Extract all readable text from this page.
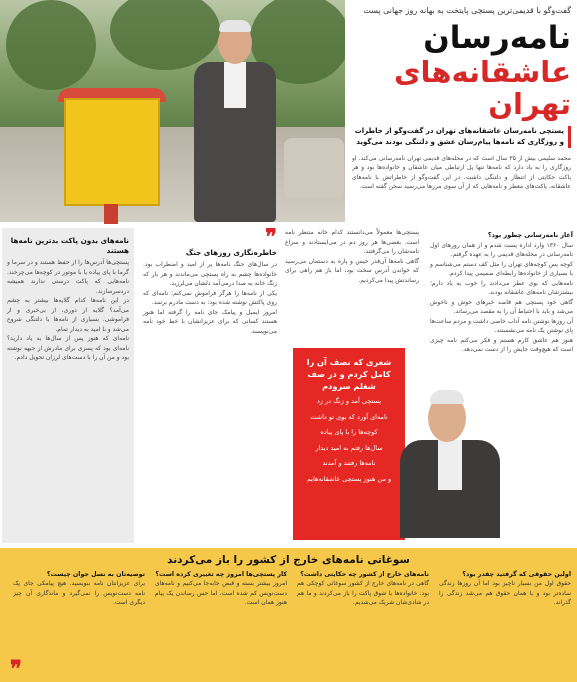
گفت‌وگو با قدیمی‌ترین پستچی پایتخت به بهانه روز جهانی پست
نامه‌رسان
عاشقانه‌های تهران
پستچی نامه‌رسان عاشقانه‌های تهران در گفت‌وگو از خاطرات و روزگاری که نامه‌ها پیام‌رسان عشق و دلتنگی بودند می‌گوید
محمد سلیمی بیش از ۳۵ سال است که در محله‌های قدیمی تهران نامه‌رسانی می‌کند. او روزگاری را به یاد دارد که نامه‌ها تنها پل ارتباطی میان عاشقان و خانواده‌ها بود و هر پاکت حکایتی از انتظار و دلتنگی داشت. در این گفت‌وگو از خاطراتش با نامه‌های عاشقانه، پاکت‌های معطر و نامه‌هایی که از آن سوی مرزها می‌رسید سخن گفته است.
آغاز نامه‌رسانی چطور بود؟

سال ۱۳۶۰ وارد اداره پست شدم و از همان روزهای اول نامه‌رسانی در محله‌های قدیمی را به عهده گرفتم.

کوچه پس کوچه‌های تهران را مثل کف دستم می‌شناسم و با بسیاری از خانواده‌ها رابطه‌ای صمیمی پیدا کردم.

نامه‌هایی که بوی عطر می‌دادند را خوب به یاد دارم؛ بیشترشان نامه‌های عاشقانه بودند.

گاهی خود پستچی هم قاصد خبرهای خوش و ناخوش می‌شد و باید با احتیاط آن را به مقصد می‌رساند.

آن روزها نوشتن نامه آداب خاصی داشت و مردم ساعت‌ها پای نوشتن یک نامه می‌نشستند.

هنوز هم عاشق کارم هستم و فکر می‌کنم نامه چیزی است که هیچ‌وقت جایش را از دست نمی‌دهد.

پستچی‌ها معمولاً می‌دانستند کدام خانه منتظر نامه است. بعضی‌ها هر روز دم در می‌ایستادند و سراغ نامه‌شان را می‌گرفتند.

گاهی نامه‌ها آن‌قدر خیس و پاره به دستمان می‌رسید که خواندن آدرس سخت بود، اما باز هم راهی برای رساندنش پیدا می‌کردیم.

❞
خاطره‌نگاری روزهای جنگ

در سال‌های جنگ نامه‌ها پر از امید و اضطراب بود. خانواده‌ها چشم به راه پستچی می‌ماندند و هر بار که زنگ خانه به صدا درمی‌آمد دلشان می‌لرزید.

یکی از نامه‌ها را هرگز فراموش نمی‌کنم؛ نامه‌ای که روی پاکتش نوشته شده بود: به دست مادرم برسد.

امروز ایمیل و پیامک جای نامه را گرفته اما هنوز هستند کسانی که برای عزیزانشان با خط خود نامه می‌نویسند.

نامه‌های بدون پاکت بدترین نامه‌ها هستند

پستچی‌ها آدرس‌ها را از حفظ هستند و در سرما و گرما با پای پیاده یا با موتور در کوچه‌ها می‌چرخند. نامه‌هایی که پاکت درستی ندارند همیشه دردسرسازند.

در این نامه‌ها کدام گلایه‌ها بیشتر به چشم می‌آمد؟ گلایه از دوری، از بی‌خبری و از فراموشی. بسیاری از نامه‌ها با دلتنگی شروع می‌شد و با امید به دیدار تمام.

نامه‌ای که هنوز پس از سال‌ها به یاد دارید؟ نامه‌ای بود که پسری برای مادرش از جبهه نوشته بود و من آن را با دست‌های لرزان تحویل دادم.	شعری که نصف آن را کامل کردم و در صف شغلم سرودم

پستچی آمد و زنگ در زد

نامه‌ای آورد که بوی تو داشت

کوچه‌ها را با پای پیاده

سال‌ها رفتم به امید دیدار

نامه‌ها رفتند و آمدند

و من هنوز پستچی عاشقانه‌هایم

سوغاتی نامه‌های خارج از کشور را باز می‌کردند
اولین حقوقی که گرفتید چقدر بود؟

حقوق اول من بسیار ناچیز بود اما آن روزها زندگی ساده‌تر بود و با همان حقوق هم می‌شد زندگی را گذراند.

نامه‌های خارج از کشور چه حکایتی داشت؟

گاهی در نامه‌های خارج از کشور سوغاتی کوچکی هم بود. خانواده‌ها با شوق پاکت را باز می‌کردند و ما هم در شادی‌شان شریک می‌شدیم.

کار پستچی‌ها امروز چه تغییری کرده است؟

امروز بیشتر بسته و قبض جابه‌جا می‌کنیم و نامه‌های دست‌نویس کم شده است، اما حس رساندن یک پیام هنوز همان است.

توصیه‌تان به نسل جوان چیست؟

برای عزیزانتان نامه بنویسید. هیچ پیامکی جای یک نامه دست‌نویس را نمی‌گیرد و ماندگاری آن چیز دیگری است.

❞
